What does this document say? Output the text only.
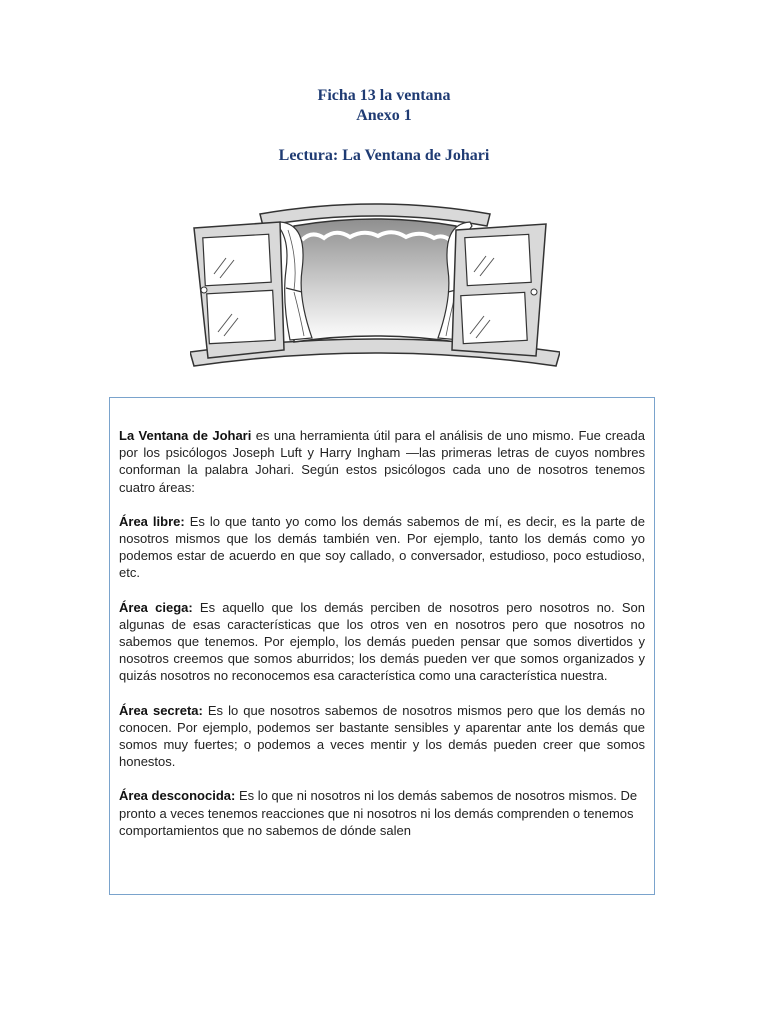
Ficha 13 la ventana
Anexo 1
Lectura: La Ventana de Johari

La Ventana de Johari es una herramienta útil para el análisis de uno mismo. Fue creada por los psicólogos Joseph Luft y Harry Ingham —las primeras letras de cuyos nombres conforman la palabra Johari. Según estos psicólogos cada uno de nosotros tenemos cuatro áreas:

Área libre: Es lo que tanto yo como los demás sabemos de mí, es decir, es la parte de nosotros mismos que los demás también ven. Por ejemplo, tanto los demás como yo podemos estar de acuerdo en que soy callado, o conversador, estudioso, poco estudioso, etc.

Área ciega: Es aquello que los demás perciben de nosotros pero nosotros no. Son algunas de esas características que los otros ven en nosotros pero que nosotros no sabemos que tenemos. Por ejemplo, los demás pueden pensar que somos divertidos y nosotros creemos que somos aburridos; los demás pueden ver que somos organizados y quizás nosotros no reconocemos esa característica como una característica nuestra.

Área secreta: Es lo que nosotros sabemos de nosotros mismos pero que los demás no conocen. Por ejemplo, podemos ser bastante sensibles y aparentar ante los demás que somos muy fuertes; o podemos a veces mentir y los demás pueden creer que somos honestos.

Área desconocida: Es lo que ni nosotros ni los demás sabemos de nosotros mismos. De pronto a veces tenemos reacciones que ni nosotros ni los demás comprenden o tenemos comportamientos que no sabemos de dónde salen
